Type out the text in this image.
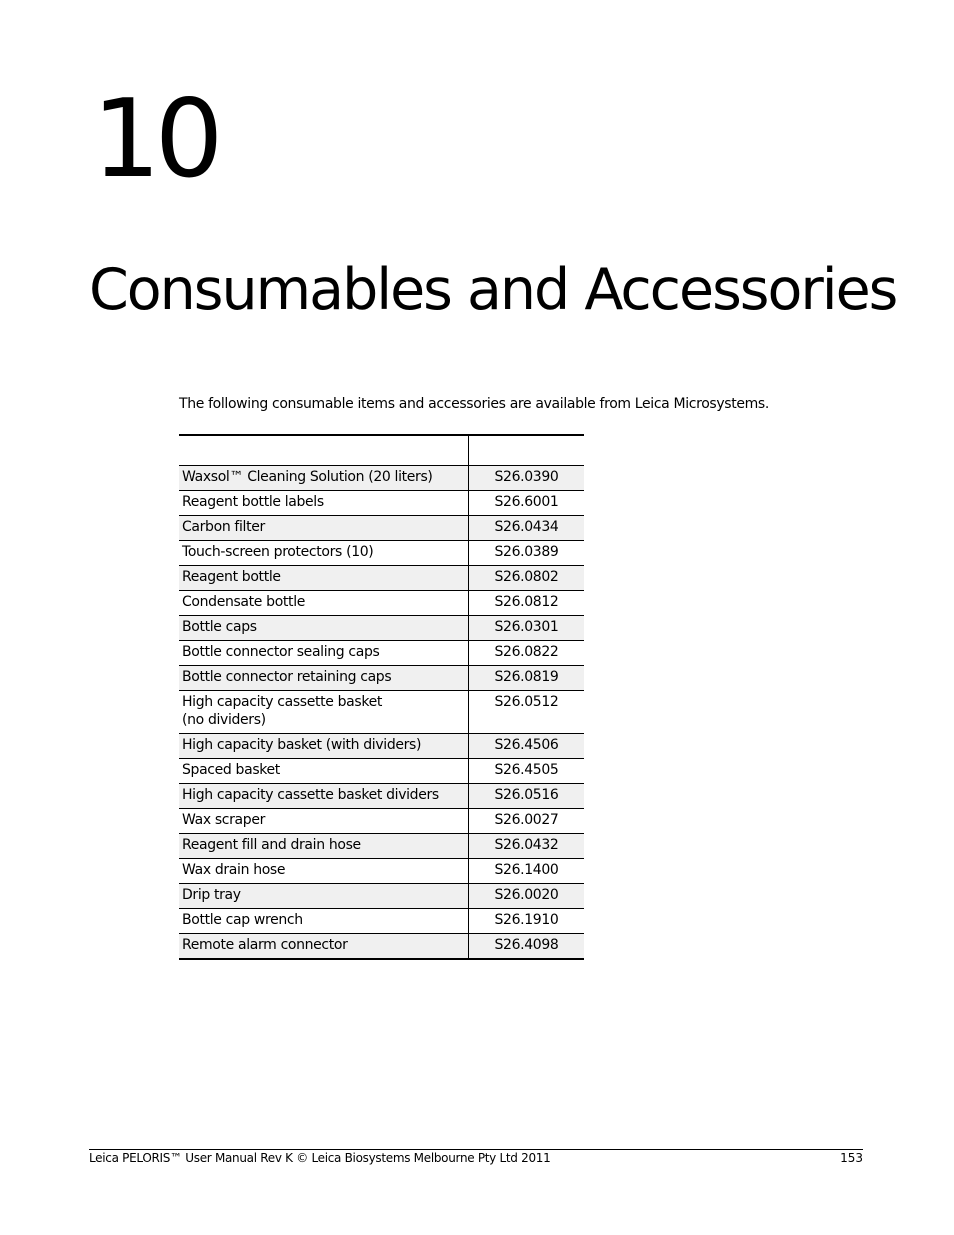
10
Consumables and Accessories

The following consumable items and accessories are available from Leica Microsystems.

Waxsol™ Cleaning Solution (20 liters)	S26.0390
Reagent bottle labels	S26.6001
Carbon filter	S26.0434
Touch-screen protectors (10)	S26.0389
Reagent bottle	S26.0802
Condensate bottle	S26.0812
Bottle caps	S26.0301
Bottle connector sealing caps	S26.0822
Bottle connector retaining caps	S26.0819
High capacity cassette basket
(no dividers)	S26.0512
High capacity basket (with dividers)	S26.4506
Spaced basket	S26.4505
High capacity cassette basket dividers	S26.0516
Wax scraper	S26.0027
Reagent fill and drain hose	S26.0432
Wax drain hose	S26.1400
Drip tray	S26.0020
Bottle cap wrench	S26.1910
Remote alarm connector	S26.4098
Leica PELORIS™ User Manual Rev K © Leica Biosystems Melbourne Pty Ltd 2011	153
